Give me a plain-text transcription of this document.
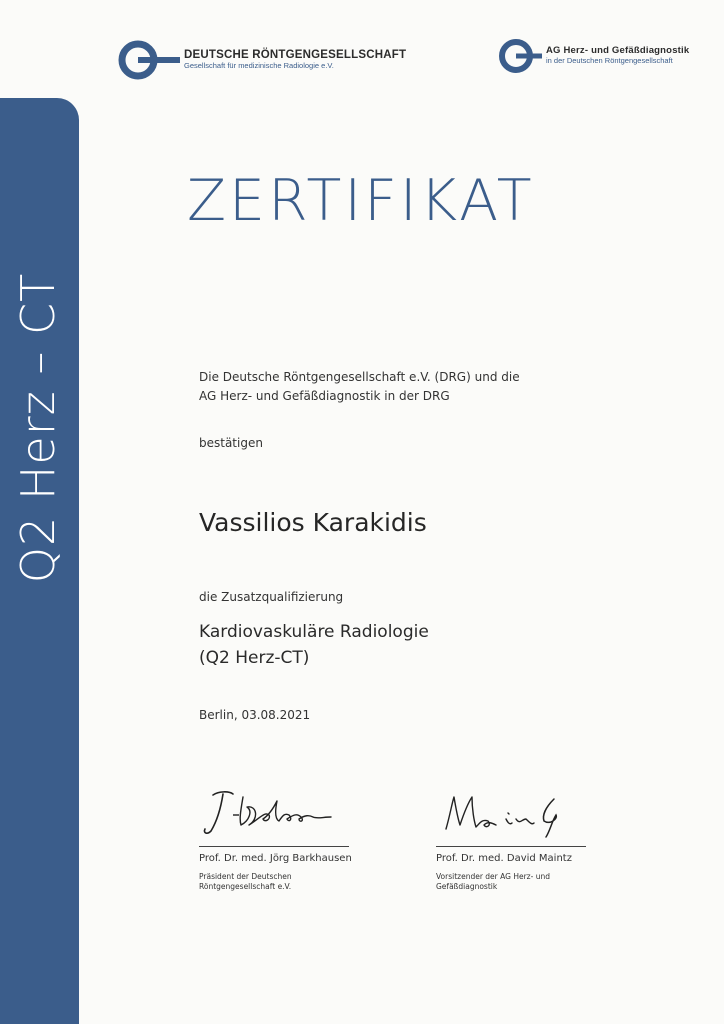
Q2 Herz – CT
DEUTSCHE RÖNTGENGESELLSCHAFT
Gesellschaft für medizinische Radiologie e.V.
AG Herz- und Gefäßdiagnostik
in der Deutschen Röntgengesellschaft
ZERTIFIKAT
Die Deutsche Röntgengesellschaft e.V. (DRG) und die
AG Herz- und Gefäßdiagnostik in der DRG
bestätigen
Vassilios Karakidis
die Zusatzqualifizierung
Kardiovaskuläre Radiologie
(Q2 Herz-CT)
Berlin, 03.08.2021
Prof. Dr. med. Jörg Barkhausen	Prof. Dr. med. David Maintz
Präsident der Deutschen
Röntgengesellschaft e.V.
Vorsitzender der AG Herz- und
Gefäßdiagnostik
